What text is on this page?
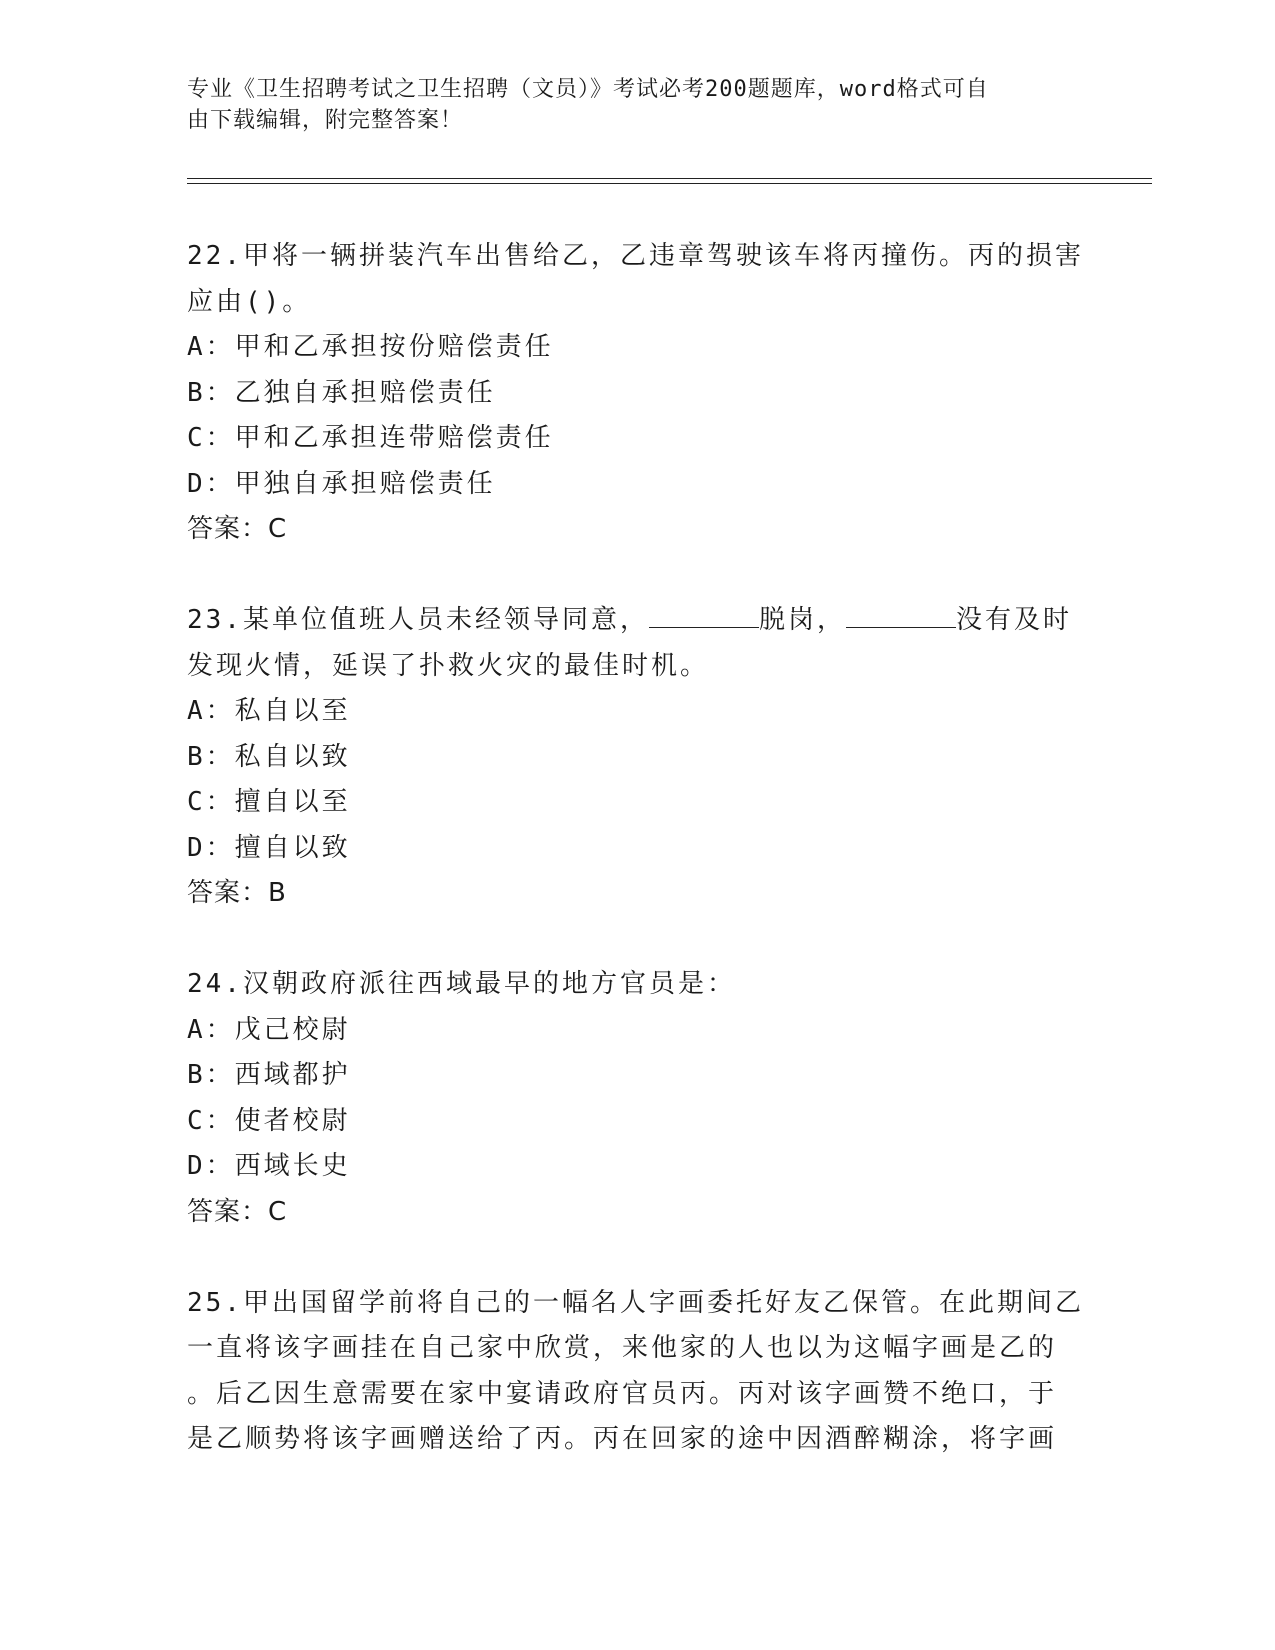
专业《卫生招聘考试之卫生招聘（文员）》考试必考200题题库，word格式可自
由下载编辑，附完整答案！
22.甲将一辆拼装汽车出售给乙，乙违章驾驶该车将丙撞伤。丙的损害
应由()。
A：甲和乙承担按份赔偿责任
B：乙独自承担赔偿责任
C：甲和乙承担连带赔偿责任
D：甲独自承担赔偿责任
答案：C
23.某单位值班人员未经领导同意，	脱岗，	没有及时
发现火情，延误了扑救火灾的最佳时机。
A：私自以至
B：私自以致
C：擅自以至
D：擅自以致
答案：B
24.汉朝政府派往西域最早的地方官员是：
A：戊己校尉
B：西域都护
C：使者校尉
D：西域长史
答案：C
25.甲出国留学前将自己的一幅名人字画委托好友乙保管。在此期间乙
一直将该字画挂在自己家中欣赏，来他家的人也以为这幅字画是乙的
。后乙因生意需要在家中宴请政府官员丙。丙对该字画赞不绝口，于
是乙顺势将该字画赠送给了丙。丙在回家的途中因酒醉糊涂，将字画
